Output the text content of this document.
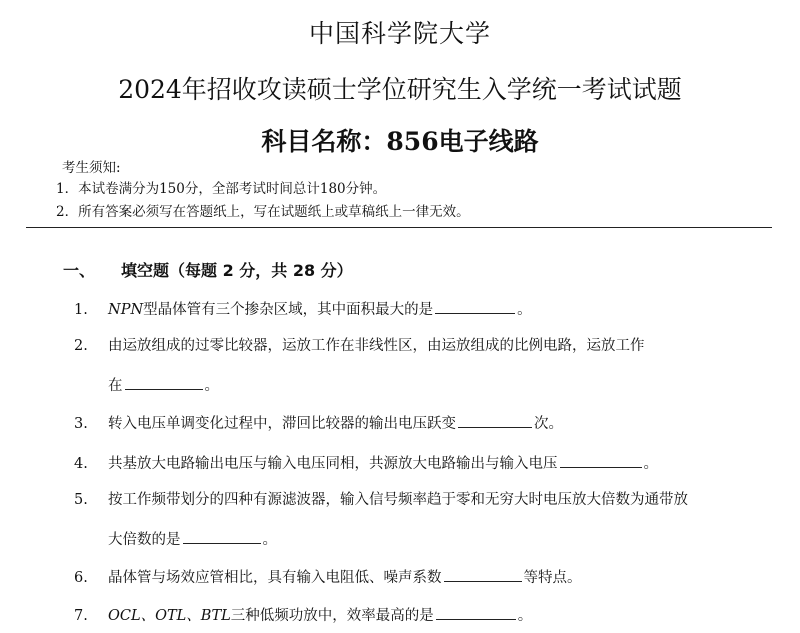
中国科学院大学
2024年招收攻读硕士学位研究生入学统一考试试题
科目名称：856电子线路
考生须知:
1．本试卷满分为150分，全部考试时间总计180分钟。
2．所有答案必须写在答题纸上，写在试题纸上或草稿纸上一律无效。
一、 填空题（每题 2 分，共 28 分）
1. NPN型晶体管有三个掺杂区域，其中面积最大的是	。
2. 由运放组成的过零比较器，运放工作在非线性区，由运放组成的比例电路，运放工作
在	。
3. 转入电压单调变化过程中，滞回比较器的输出电压跃变	次。
4. 共基放大电路输出电压与输入电压同相，共源放大电路输出与输入电压	。
5. 按工作频带划分的四种有源滤波器，输入信号频率趋于零和无穷大时电压放大倍数为通带放
大倍数的是	。
6. 晶体管与场效应管相比，具有输入电阻低、噪声系数	等特点。
7. OCL、OTL、BTL三种低频功放中，效率最高的是	。
